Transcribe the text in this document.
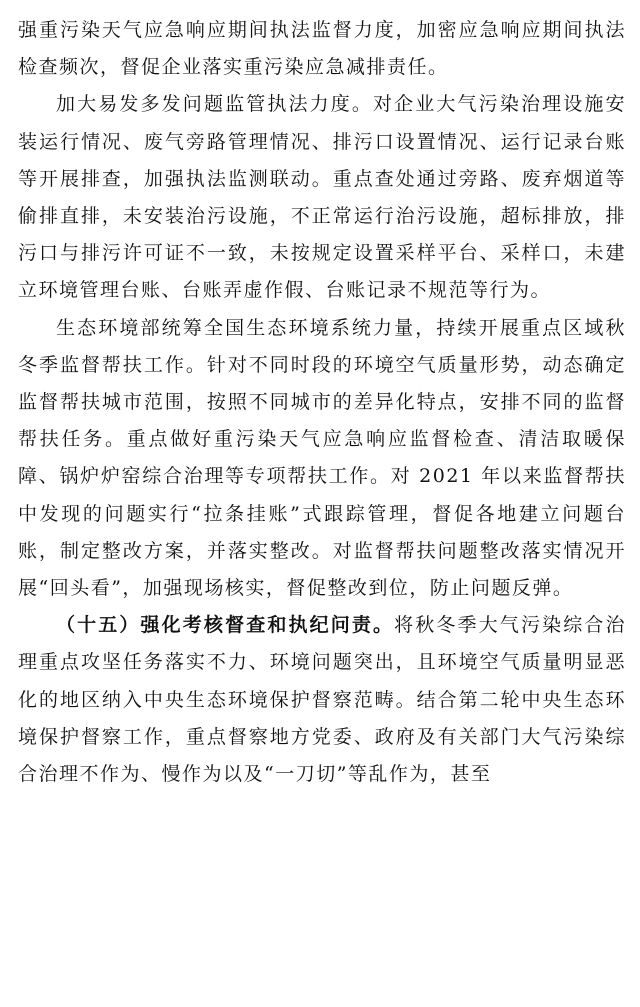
强重污染天气应急响应期间执法监督力度，加密应急响应期间执法检查频次，督促企业落实重污染应急减排责任。

加大易发多发问题监管执法力度。对企业大气污染治理设施安装运行情况、废气旁路管理情况、排污口设置情况、运行记录台账等开展排查，加强执法监测联动。重点查处通过旁路、废弃烟道等偷排直排，未安装治污设施，不正常运行治污设施，超标排放，排污口与排污许可证不一致，未按规定设置采样平台、采样口，未建立环境管理台账、台账弄虚作假、台账记录不规范等行为。

生态环境部统筹全国生态环境系统力量，持续开展重点区域秋冬季监督帮扶工作。针对不同时段的环境空气质量形势，动态确定监督帮扶城市范围，按照不同城市的差异化特点，安排不同的监督帮扶任务。重点做好重污染天气应急响应监督检查、清洁取暖保障、锅炉炉窑综合治理等专项帮扶工作。对 2021 年以来监督帮扶中发现的问题实行“拉条挂账”式跟踪管理，督促各地建立问题台账，制定整改方案，并落实整改。对监督帮扶问题整改落实情况开展“回头看”，加强现场核实，督促整改到位，防止问题反弹。

（十五）强化考核督查和执纪问责。将秋冬季大气污染综合治理重点攻坚任务落实不力、环境问题突出，且环境空气质量明显恶化的地区纳入中央生态环境保护督察范畴。结合第二轮中央生态环境保护督察工作，重点督察地方党委、政府及有关部门大气污染综合治理不作为、慢作为以及“一刀切”等乱作为，甚至
